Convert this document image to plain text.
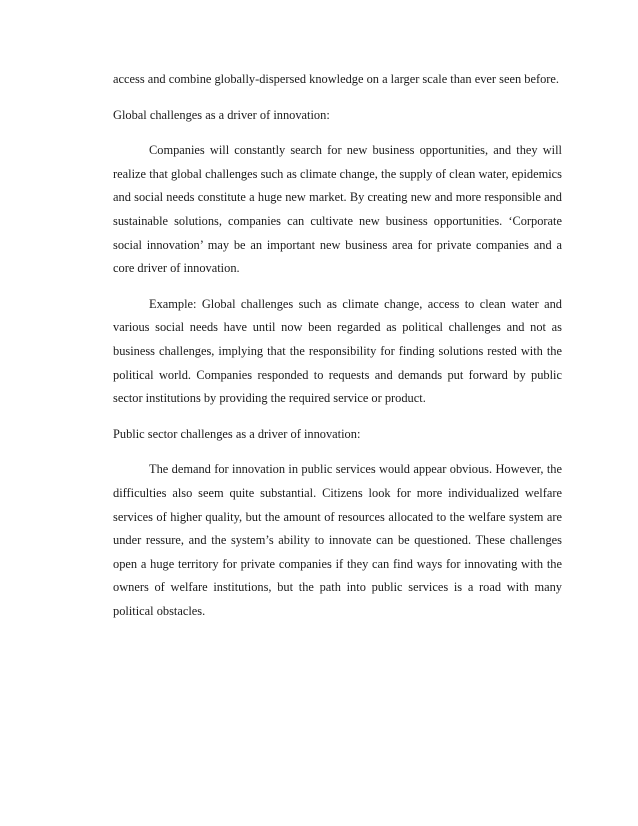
access and combine globally-dispersed knowledge on a larger scale than ever seen before.

Global challenges as a driver of innovation:

Companies will constantly search for new business opportunities, and they will realize that global challenges such as climate change, the supply of clean water, epidemics and social needs constitute a huge new market. By creating new and more responsible and sustainable solutions, companies can cultivate new business opportunities. ‘Corporate social innovation’ may be an important new business area for private companies and a core driver of innovation.

Example: Global challenges such as climate change, access to clean water and various social needs have until now been regarded as political challenges and not as business challenges, implying that the responsibility for finding solutions rested with the political world. Companies responded to requests and demands put forward by public sector institutions by providing the required service or product.

Public sector challenges as a driver of innovation:

The demand for innovation in public services would appear obvious. However, the difficulties also seem quite substantial. Citizens look for more individualized welfare services of higher quality, but the amount of resources allocated to the welfare system are under ressure, and the system’s ability to innovate can be questioned. These challenges open a huge territory for private companies if they can find ways for innovating with the owners of welfare institutions, but the path into public services is a road with many political obstacles.
